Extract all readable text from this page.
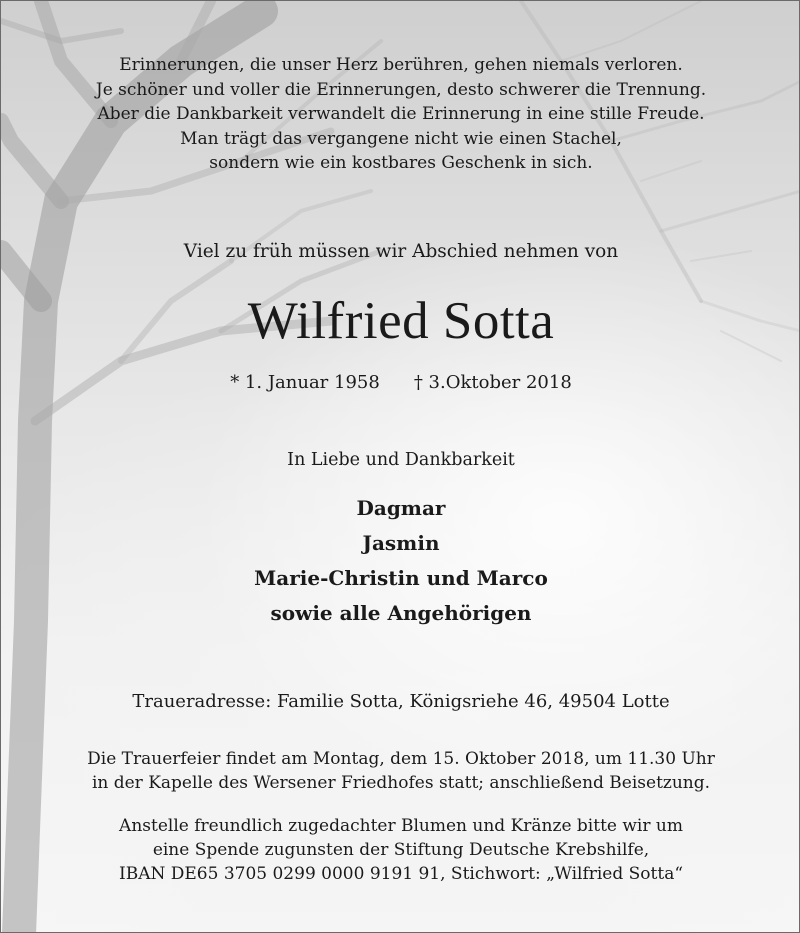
Erinnerungen, die unser Herz berühren, gehen niemals verloren.
Je schöner und voller die Erinnerungen, desto schwerer die Trennung.
Aber die Dankbarkeit verwandelt die Erinnerung in eine stille Freude.
Man trägt das vergangene nicht wie einen Stachel,
sondern wie ein kostbares Geschenk in sich.
Viel zu früh müssen wir Abschied nehmen von
Wilfried Sotta
* 1. Januar 1958 † 3.Oktober 2018
In Liebe und Dankbarkeit
Dagmar
Jasmin
Marie-Christin und Marco
sowie alle Angehörigen
Traueradresse: Familie Sotta, Königsriehe 46, 49504 Lotte
Die Trauerfeier findet am Montag, dem 15. Oktober 2018, um 11.30 Uhr
in der Kapelle des Wersener Friedhofes statt; anschließend Beisetzung.
Anstelle freundlich zugedachter Blumen und Kränze bitte wir um
eine Spende zugunsten der Stiftung Deutsche Krebshilfe,
IBAN DE65 3705 0299 0000 9191 91, Stichwort: „Wilfried Sotta“
